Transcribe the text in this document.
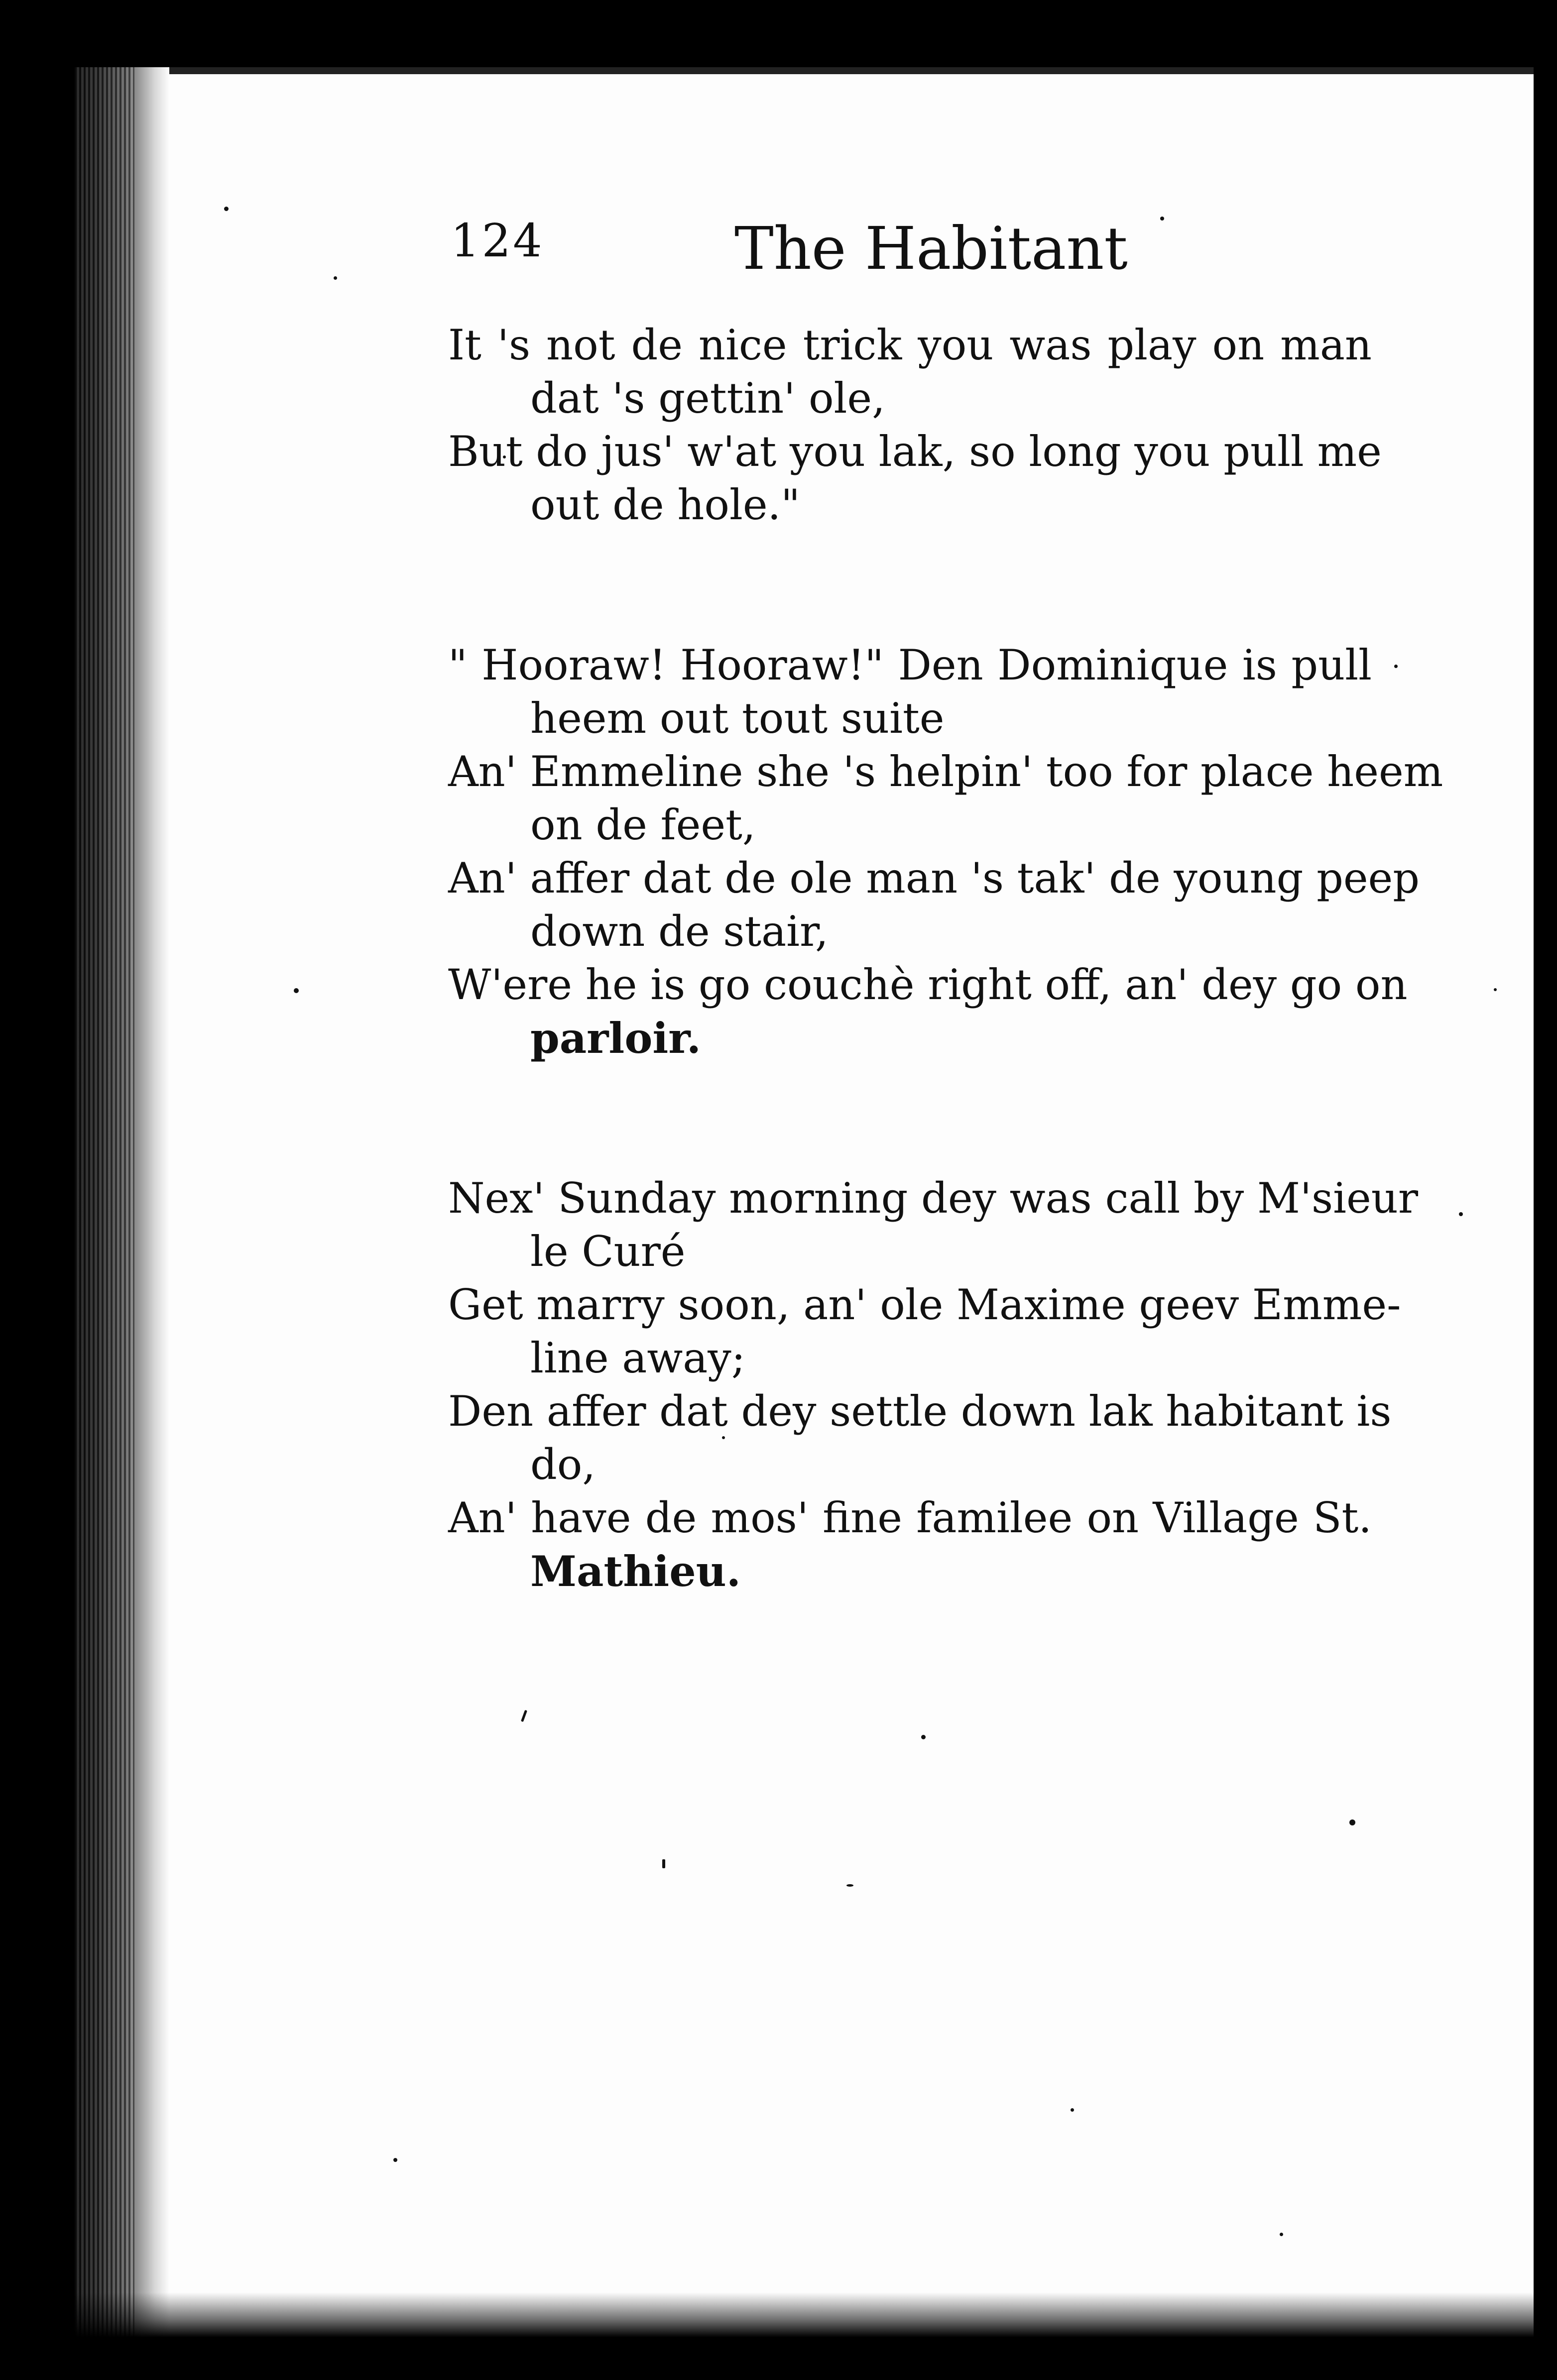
124	The Habitant

It 's not de nice trick you was play on man
dat 's gettin' ole,

But do jus' w'at you lak, so long you pull me
out de hole."

" Hooraw! Hooraw!" Den Dominique is pull
heem out tout suite

An' Emmeline she 's helpin' too for place heem
on de feet,

An' affer dat de ole man 's tak' de young peep
down de stair,

W'ere he is go couchè right off, an' dey go on
parloir.

Nex' Sunday morning dey was call by M'sieur
le Curé

Get marry soon, an' ole Maxime geev Emme-
line away;

Den affer dat dey settle down lak habitant is
do,

An' have de mos' fine familee on Village St.
Mathieu.
